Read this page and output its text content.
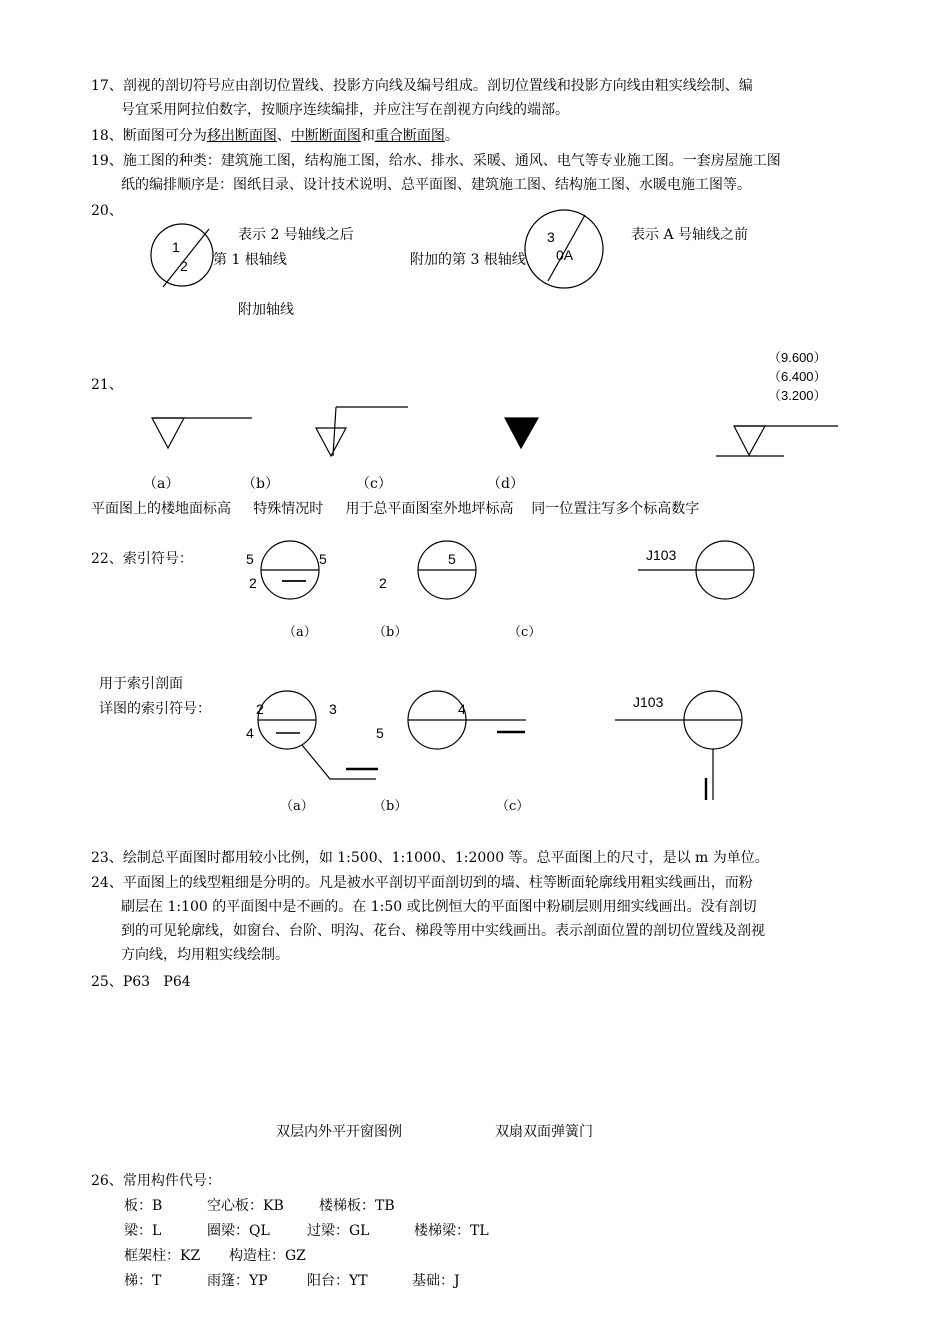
17、剖视的剖切符号应由剖切位置线、投影方向线及编号组成。剖切位置线和投影方向线由粗实线绘制、编
号宜采用阿拉伯数字，按顺序连续编排，并应注写在剖视方向线的端部。
18、断面图可分为移出断面图、中断断面图和重合断面图。
19、施工图的种类：建筑施工图，结构施工图，给水、排水、采暖、通风、电气等专业施工图。一套房屋施工图
纸的编排顺序是：图纸目录、设计技术说明、总平面图、建筑施工图、结构施工图、水暖电施工图等。
20、
表示 2 号轴线之后
第 1 根轴线	附加的第 3 根轴线
表示 A 号轴线之前
附加轴线
21、
（9.600）
（6.400）
（3.200）
（a）	（b）	（c）	（d）
平面图上的楼地面标高     特殊情况时     用于总平面图室外地坪标高    同一位置注写多个标高数字
22、索引符号：
（a）	（b）	（c）
用于索引剖面
详图的索引符号：
（a）	（b）	（c）
23、绘制总平面图时都用较小比例，如 1:500、1:1000、1:2000 等。总平面图上的尺寸，是以 m 为单位。
24、平面图上的线型粗细是分明的。凡是被水平剖切平面剖切到的墙、柱等断面轮廓线用粗实线画出，而粉
刷层在 1:100 的平面图中是不画的。在 1:50 或比例恒大的平面图中粉刷层则用细实线画出。没有剖切
到的可见轮廓线，如窗台、台阶、明沟、花台、梯段等用中实线画出。表示剖面位置的剖切位置线及剖视
方向线，均用粗实线绘制。
25、P63   P64
双层内外平开窗图例	双扇双面弹簧门
26、常用构件代号：
板：B	空心板：KB	楼梯板：TB
梁：L	圈梁：QL	过梁：GL	楼梯梁：TL
框架柱：KZ 构造柱：GZ
梯：T	雨篷：YP	阳台：YT	基础：J
1
2
3
0A
5	5
2
5
2
J103
2	3
4
4
5
J103
